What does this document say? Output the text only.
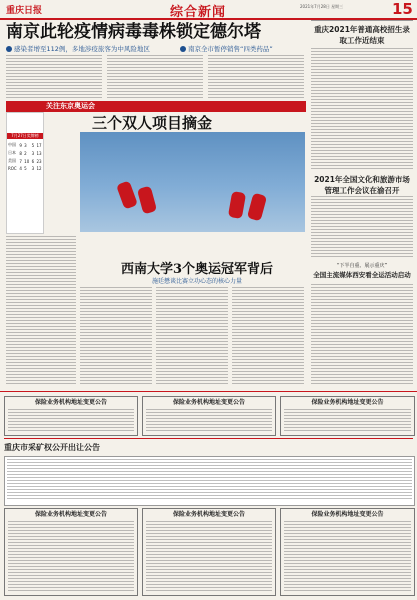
重庆日报	综合新闻	2021年7月28日 星期三	15
南京此轮疫情病毒毒株锁定德尔塔
感染者增至112例，多地涉疫旅客为中风险地区	南京全市暂停销售“四类药品”
关注东京奥运会
7月27日奖牌榜
中国	9	3	5	17
日本	8	2	3	13
美国	7	10	6	23
ROC	4	5	3	12
三个双人项目摘金
西南大学3个奥运冠军背后
施廷懋谈比赛立功心态的核心力量
重庆2021年普通高校招生录取工作近结束
2021年全国文化和旅游市场管理工作会议在渝召开
“下半自重、展示重庆”
全国主流媒体西安看全运活动启动
保险业务机构地址变更公告	保险业务机构地址变更公告	保险业务机构地址变更公告
重庆市采矿权公开出让公告
保险业务机构地址变更公告	保险业务机构地址变更公告	保险业务机构地址变更公告
